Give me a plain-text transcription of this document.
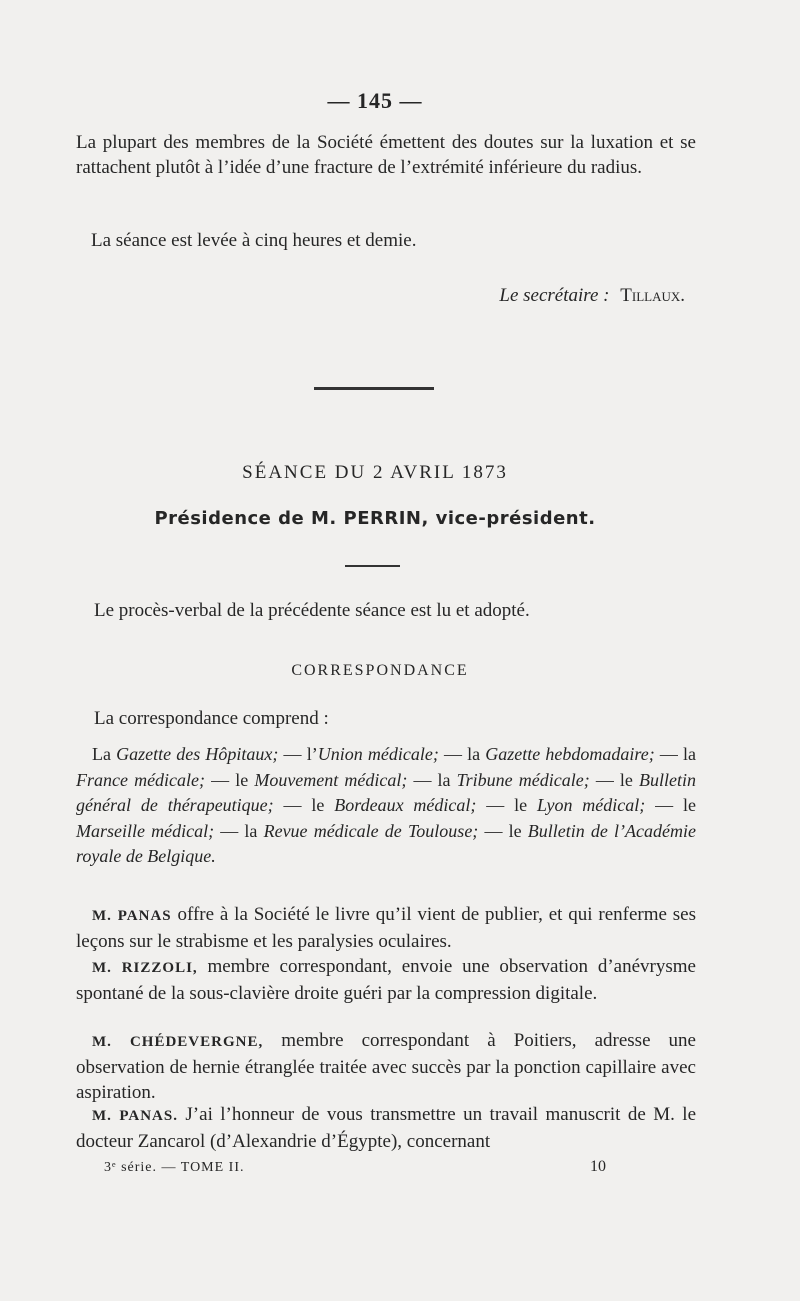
— 145 —
La plupart des membres de la Société émettent des doutes sur la luxation et se rattachent plutôt à l’idée d’une fracture de l’extrémité inférieure du radius.
La séance est levée à cinq heures et demie.
Le secrétaire : Tillaux.
SÉANCE DU 2 AVRIL 1873
Présidence de M. PERRIN, vice-président.
Le procès-verbal de la précédente séance est lu et adopté.
CORRESPONDANCE
La correspondance comprend :
La Gazette des Hôpitaux; — l’Union médicale; — la Gazette hebdomadaire; — la France médicale; — le Mouvement médical; — la Tribune médicale; — le Bulletin général de thérapeutique; — le Bordeaux médical; — le Lyon médical; — le Marseille médical; — la Revue médicale de Toulouse; — le Bulletin de l’Académie royale de Belgique.
M. PANAS offre à la Société le livre qu’il vient de publier, et qui renferme ses leçons sur le strabisme et les paralysies oculaires.
M. RIZZOLI, membre correspondant, envoie une observation d’anévrysme spontané de la sous-clavière droite guéri par la compression digitale.
M. CHÉDEVERGNE, membre correspondant à Poitiers, adresse une observation de hernie étranglée traitée avec succès par la ponction capillaire avec aspiration.
M. PANAS. J’ai l’honneur de vous transmettre un travail manuscrit de M. le docteur Zancarol (d’Alexandrie d’Égypte), concernant
3ᵉ série. — TOME II.	10
